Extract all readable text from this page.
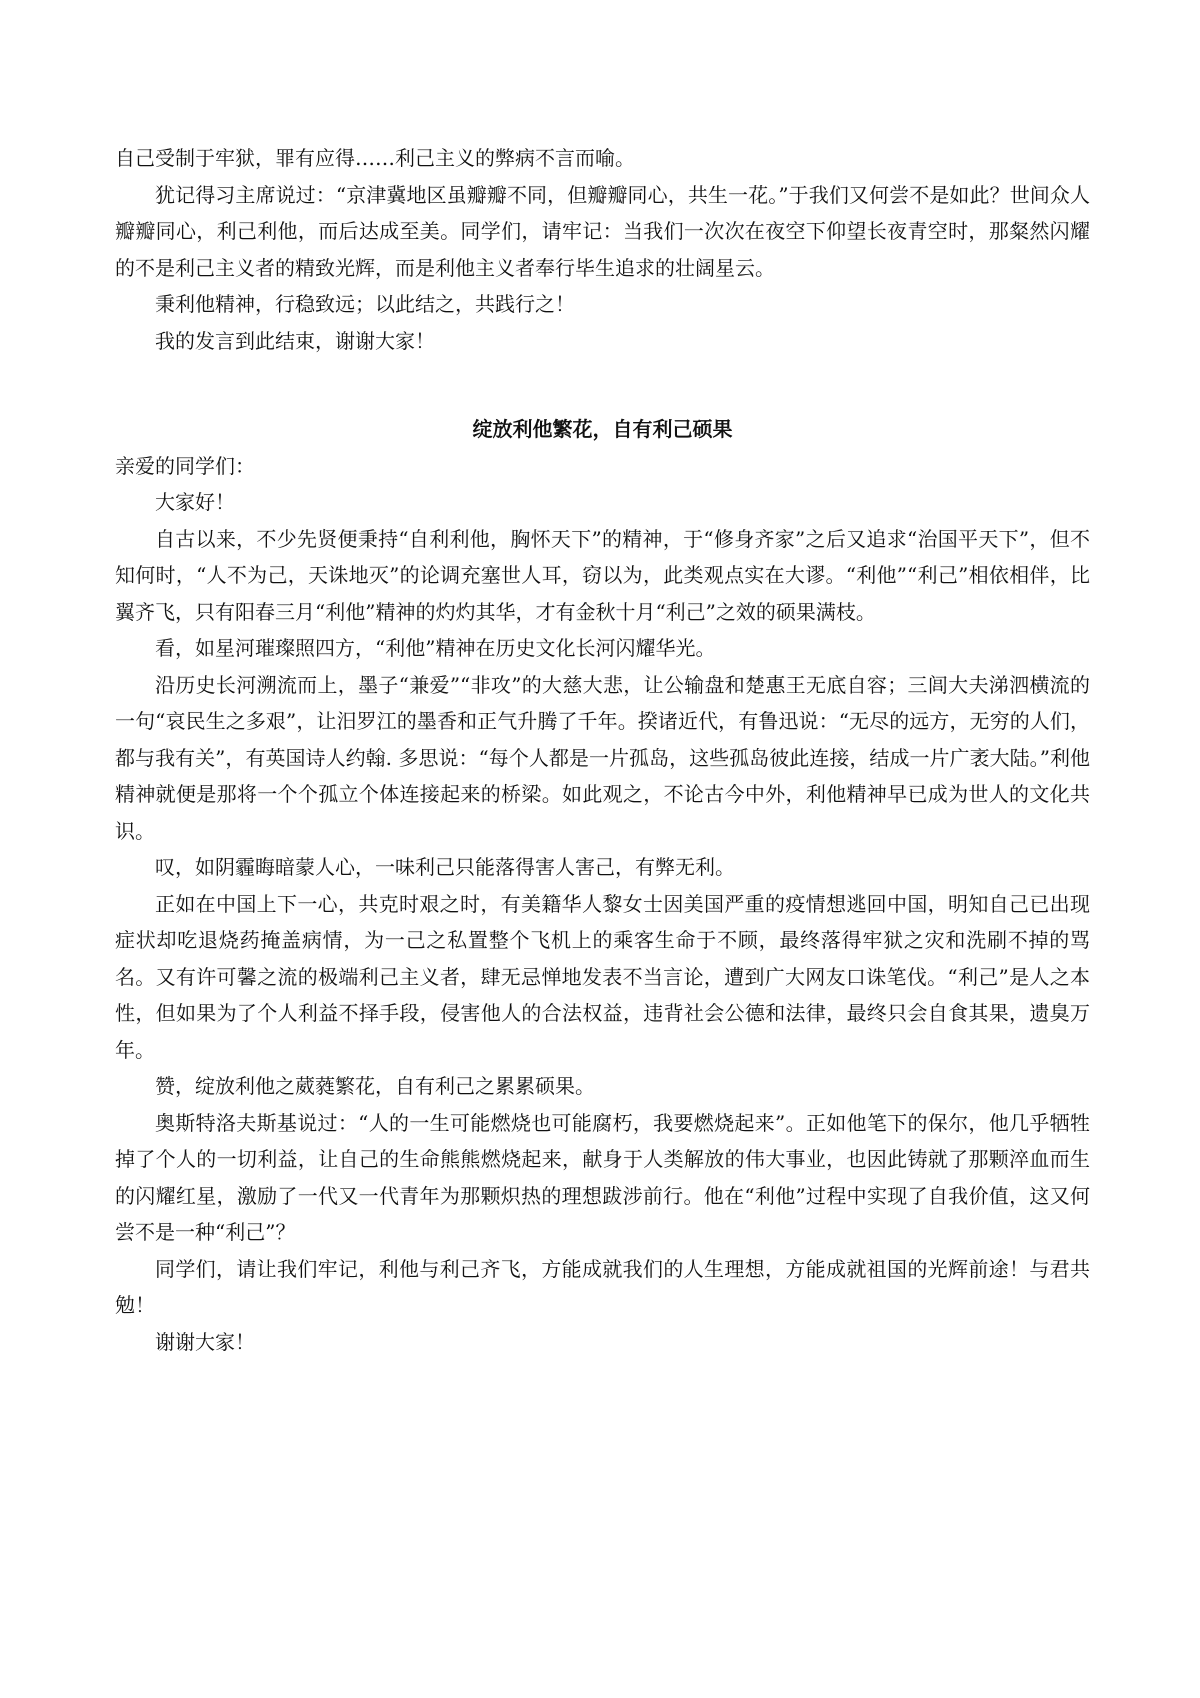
自己受制于牢狱，罪有应得……利己主义的弊病不言而喻。

犹记得习主席说过：“京津冀地区虽瓣瓣不同，但瓣瓣同心，共生一花。”于我们又何尝不是如此？世间众人瓣瓣同心，利己利他，而后达成至美。同学们，请牢记：当我们一次次在夜空下仰望长夜青空时，那粲然闪耀的不是利己主义者的精致光辉，而是利他主义者奉行毕生追求的壮阔星云。

秉利他精神，行稳致远；以此结之，共践行之！

我的发言到此结束，谢谢大家！

绽放利他繁花，自有利己硕果

亲爱的同学们：

大家好！

自古以来，不少先贤便秉持“自利利他，胸怀天下”的精神，于“修身齐家”之后又追求“治国平天下”，但不知何时，“人不为己，天诛地灭”的论调充塞世人耳，窃以为，此类观点实在大谬。“利他”“利己”相依相伴，比翼齐飞，只有阳春三月“利他”精神的灼灼其华，才有金秋十月“利己”之效的硕果满枝。

看，如星河璀璨照四方，“利他”精神在历史文化长河闪耀华光。

沿历史长河溯流而上，墨子“兼爱”“非攻”的大慈大悲，让公输盘和楚惠王无底自容；三闾大夫涕泗横流的一句“哀民生之多艰”，让汨罗江的墨香和正气升腾了千年。揆诸近代，有鲁迅说：“无尽的远方，无穷的人们，都与我有关”，有英国诗人约翰. 多思说：“每个人都是一片孤岛，这些孤岛彼此连接，结成一片广袤大陆。”利他精神就便是那将一个个孤立个体连接起来的桥梁。如此观之，不论古今中外，利他精神早已成为世人的文化共识。

叹，如阴霾晦暗蒙人心，一味利己只能落得害人害己，有弊无利。

正如在中国上下一心，共克时艰之时，有美籍华人黎女士因美国严重的疫情想逃回中国，明知自己已出现症状却吃退烧药掩盖病情，为一己之私置整个飞机上的乘客生命于不顾，最终落得牢狱之灾和洗刷不掉的骂名。又有许可馨之流的极端利己主义者，肆无忌惮地发表不当言论，遭到广大网友口诛笔伐。“利己”是人之本性，但如果为了个人利益不择手段，侵害他人的合法权益，违背社会公德和法律，最终只会自食其果，遗臭万年。

赞，绽放利他之葳蕤繁花，自有利己之累累硕果。

奥斯特洛夫斯基说过：“人的一生可能燃烧也可能腐朽，我要燃烧起来”。正如他笔下的保尔，他几乎牺牲掉了个人的一切利益，让自己的生命熊熊燃烧起来，献身于人类解放的伟大事业，也因此铸就了那颗淬血而生的闪耀红星，激励了一代又一代青年为那颗炽热的理想跋涉前行。他在“利他”过程中实现了自我价值，这又何尝不是一种“利己”？

同学们，请让我们牢记，利他与利己齐飞，方能成就我们的人生理想，方能成就祖国的光辉前途！与君共勉！

谢谢大家！
